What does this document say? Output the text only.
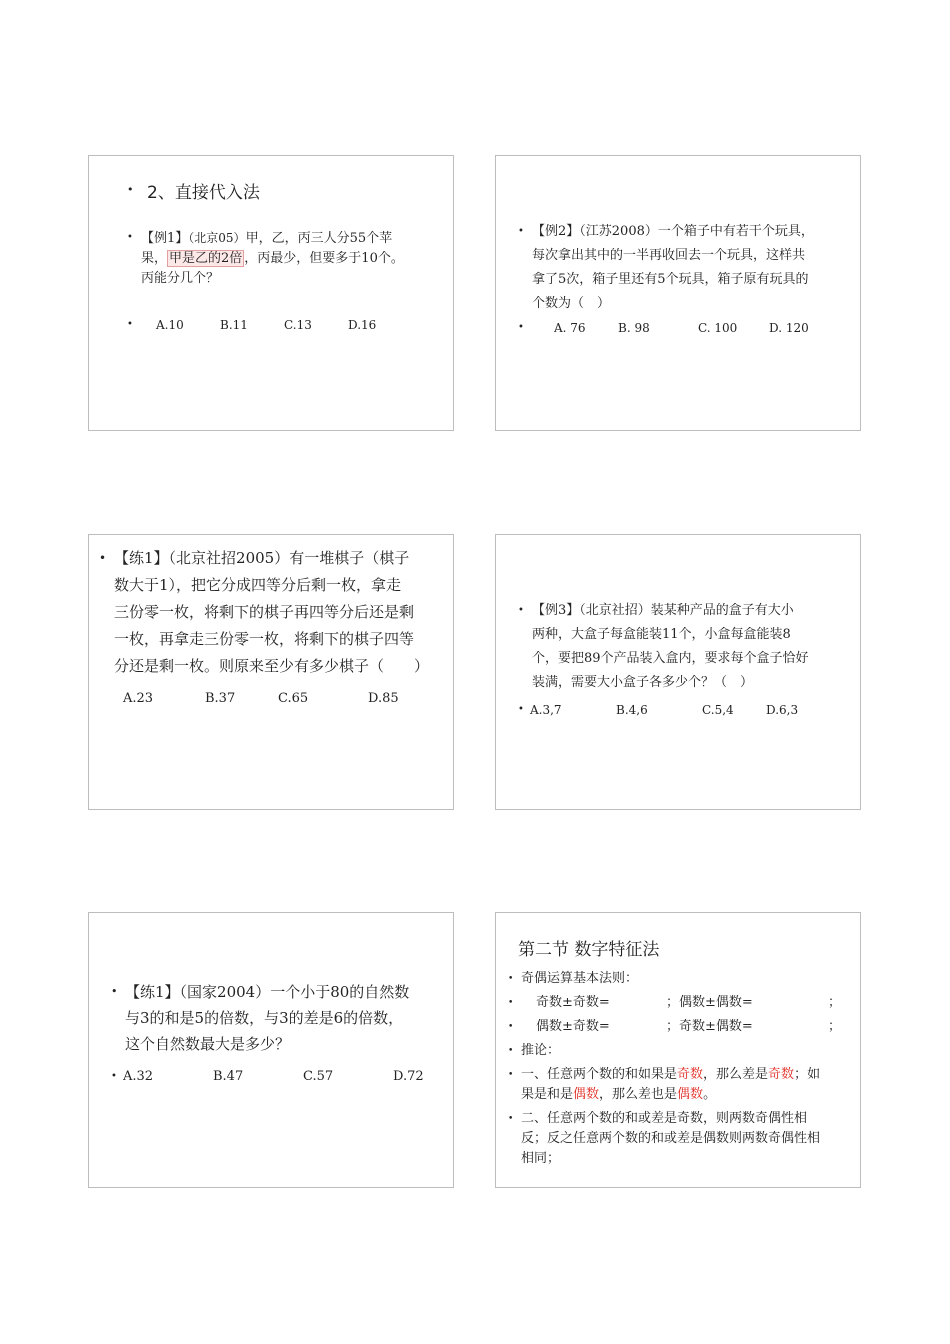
• 2、直接代入法
• 【例1】（北京05）甲，乙，丙三人分55个苹
果， 甲是乙的2倍 ，丙最少，但要多于10个。
丙能分几个？
• A.10	B.11	C.13	D.16
• 【例2】（江苏2008）一个箱子中有若干个玩具，
每次拿出其中的一半再收回去一个玩具，这样共
拿了5次，箱子里还有5个玩具，箱子原有玩具的
个数为（　）
•	A. 76	B. 98	C. 100	D. 120
• 【练1】（北京社招2005）有一堆棋子（棋子
数大于1），把它分成四等分后剩一枚，拿走
三份零一枚，将剩下的棋子再四等分后还是剩
一枚，再拿走三份零一枚，将剩下的棋子四等
分还是剩一枚。则原来至少有多少棋子（　　）
A.23	B.37	C.65	D.85
• 【例3】（北京社招）装某种产品的盒子有大小
两种，大盒子每盒能装11个，小盒每盒能装8
个，要把89个产品装入盒内，要求每个盒子恰好
装满，需要大小盒子各多少个？（　）
• A.3,7	B.4,6	C.5,4	D.6,3
• 【练1】（国家2004）一个小于80的自然数
与3的和是5的倍数，与3的差是6的倍数，
这个自然数最大是多少？
• A.32	B.47	C.57	D.72
第二节 数字特征法
• 奇偶运算基本法则：
• 奇数±奇数=	；偶数±偶数=	；
• 偶数±奇数=	；奇数±偶数=	；
• 推论：
• 一、任意两个数的和如果是奇数，那么差是奇数；如
果是和是偶数，那么差也是偶数。
• 二、任意两个数的和或差是奇数，则两数奇偶性相
反；反之任意两个数的和或差是偶数则两数奇偶性相
相同；
